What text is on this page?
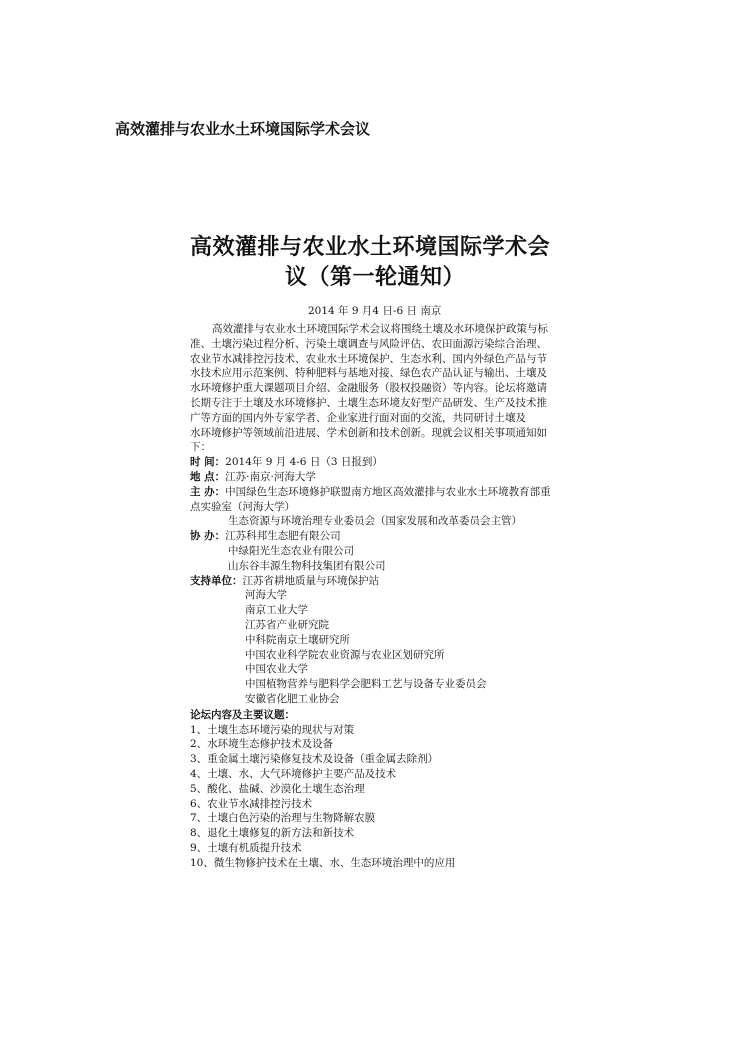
高效灌排与农业水土环境国际学术会议
高效灌排与农业水土环境国际学术会
议（第一轮通知）
2014 年 9 月4 日-6 日 南京
高效灌排与农业水土环境国际学术会议将围绕土壤及水环境保护政策与标
准、土壤污染过程分析、污染土壤调查与风险评估、农田面源污染综合治理、
农业节水减排控污技术、农业水土环境保护、生态水利、国内外绿色产品与节
水技术应用示范案例、特种肥料与基地对接、绿色农产品认证与输出、土壤及
水环境修护重大课题项目介绍、金融服务（股权投融资）等内容。论坛将邀请
长期专注于土壤及水环境修护、土壤生态环境友好型产品研发、生产及技术推
广等方面的国内外专家学者、企业家进行面对面的交流，共同研讨土壤及
水环境修护等领域前沿进展、学术创新和技术创新。现就会议相关事项通知如
下：
时 间：2014年 9 月 4-6 日（3 日报到）
地 点：江苏·南京·河海大学
主 办：中国绿色生态环境修护联盟南方地区高效灌排与农业水土环境教育部重
点实验室（河海大学）
生态资源与环境治理专业委员会（国家发展和改革委员会主管）
协 办：江苏科邦生态肥有限公司
中绿阳光生态农业有限公司
山东谷丰源生物科技集团有限公司
支持单位：江苏省耕地质量与环境保护站
河海大学
南京工业大学
江苏省产业研究院
中科院南京土壤研究所
中国农业科学院农业资源与农业区划研究所
中国农业大学
中国植物营养与肥料学会肥料工艺与设备专业委员会
安徽省化肥工业协会
论坛内容及主要议题：
1、土壤生态环境污染的现状与对策
2、水环境生态修护技术及设备
3、重金属土壤污染修复技术及设备（重金属去除剂）
4、土壤、水、大气环境修护主要产品及技术
5、酸化、盐碱、沙漠化土壤生态治理
6、农业节水减排控污技术
7、土壤白色污染的治理与生物降解农膜
8、退化土壤修复的新方法和新技术
9、土壤有机质提升技术
10、微生物修护技术在土壤、水、生态环境治理中的应用
